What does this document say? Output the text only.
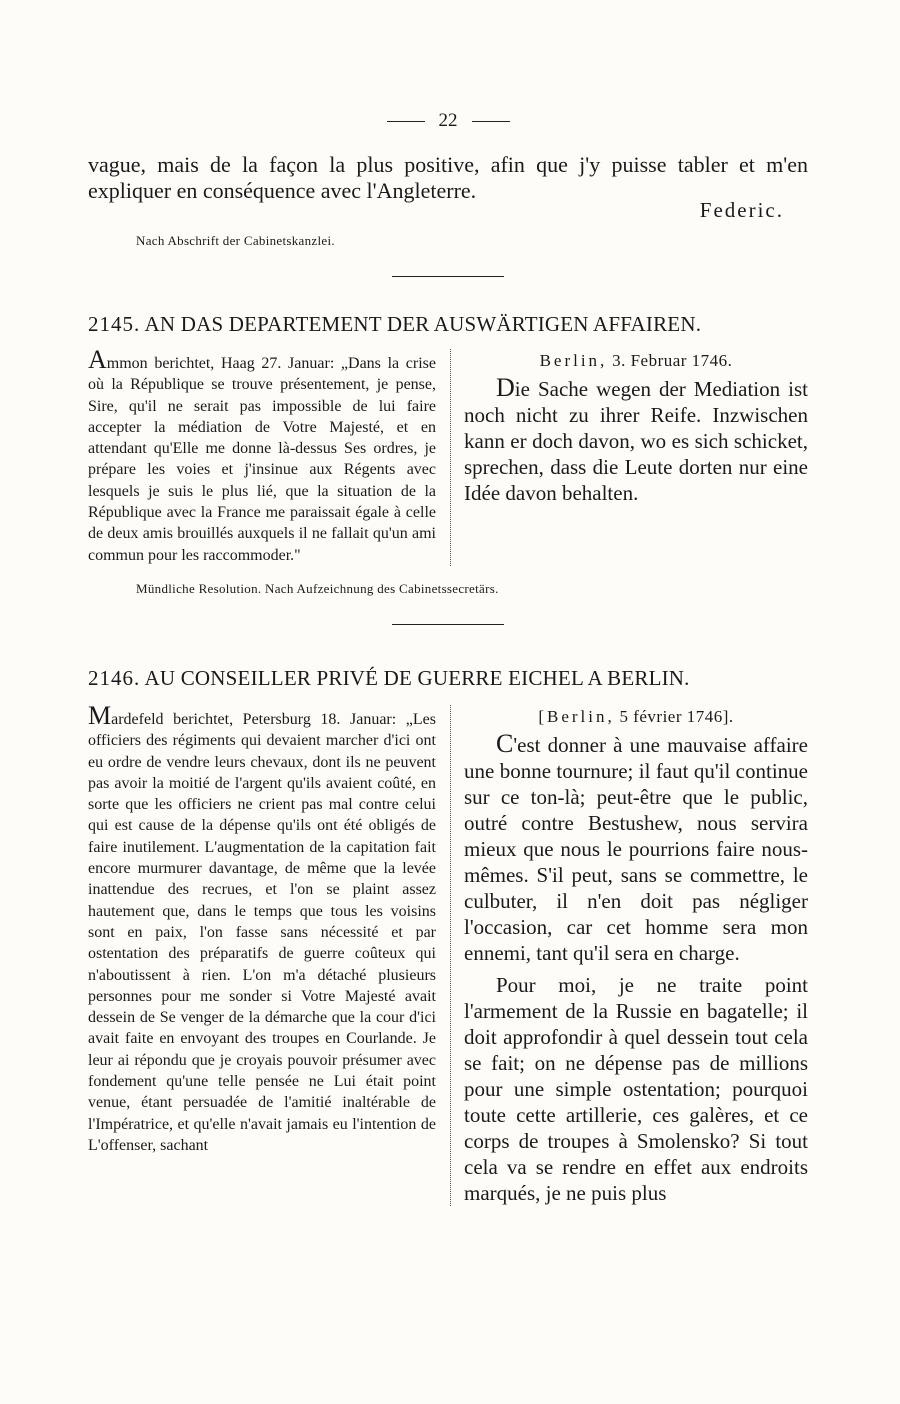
22
vague, mais de la façon la plus positive, afin que j'y puisse tabler et m'en expliquer en conséquence avec l'Angleterre.
Federic.
Nach Abschrift der Cabinetskanzlei.
2145. AN DAS DEPARTEMENT DER AUSWÄRTIGEN AFFAIREN.

Ammon berichtet, Haag 27. Januar: „Dans la crise où la République se trouve présentement, je pense, Sire, qu'il ne serait pas impossible de lui faire accepter la médiation de Votre Majesté, et en attendant qu'Elle me donne là-dessus Ses ordres, je prépare les voies et j'insinue aux Régents avec lesquels je suis le plus lié, que la situation de la République avec la France me paraissait égale à celle de deux amis brouillés auxquels il ne fallait qu'un ami commun pour les raccommoder."

Berlin, 3. Februar 1746.

Die Sache wegen der Mediation ist noch nicht zu ihrer Reife. Inzwischen kann er doch davon, wo es sich schicket, sprechen, dass die Leute dorten nur eine Idée davon behalten.

Mündliche Resolution. Nach Aufzeichnung des Cabinetssecretärs.
2146. AU CONSEILLER PRIVÉ DE GUERRE EICHEL A BERLIN.

Mardefeld berichtet, Petersburg 18. Januar: „Les officiers des régiments qui devaient marcher d'ici ont eu ordre de vendre leurs chevaux, dont ils ne peuvent pas avoir la moitié de l'argent qu'ils avaient coûté, en sorte que les officiers ne crient pas mal contre celui qui est cause de la dépense qu'ils ont été obligés de faire inutilement. L'augmentation de la capitation fait encore murmurer davantage, de même que la levée inattendue des recrues, et l'on se plaint assez hautement que, dans le temps que tous les voisins sont en paix, l'on fasse sans nécessité et par ostentation des préparatifs de guerre coûteux qui n'aboutissent à rien. L'on m'a détaché plusieurs personnes pour me sonder si Votre Majesté avait dessein de Se venger de la démarche que la cour d'ici avait faite en envoyant des troupes en Courlande. Je leur ai répondu que je croyais pouvoir présumer avec fondement qu'une telle pensée ne Lui était point venue, étant persuadée de l'amitié inaltérable de l'Impératrice, et qu'elle n'avait jamais eu l'intention de L'offenser, sachant

[Berlin, 5 février 1746].

C'est donner à une mauvaise affaire une bonne tournure; il faut qu'il continue sur ce ton-là; peut-être que le public, outré contre Bestushew, nous servira mieux que nous le pourrions faire nous-mêmes. S'il peut, sans se commettre, le culbuter, il n'en doit pas négliger l'occasion, car cet homme sera mon ennemi, tant qu'il sera en charge.

Pour moi, je ne traite point l'armement de la Russie en bagatelle; il doit approfondir à quel dessein tout cela se fait; on ne dépense pas de millions pour une simple ostentation; pourquoi toute cette artillerie, ces galères, et ce corps de troupes à Smolensko? Si tout cela va se rendre en effet aux endroits marqués, je ne puis plus
